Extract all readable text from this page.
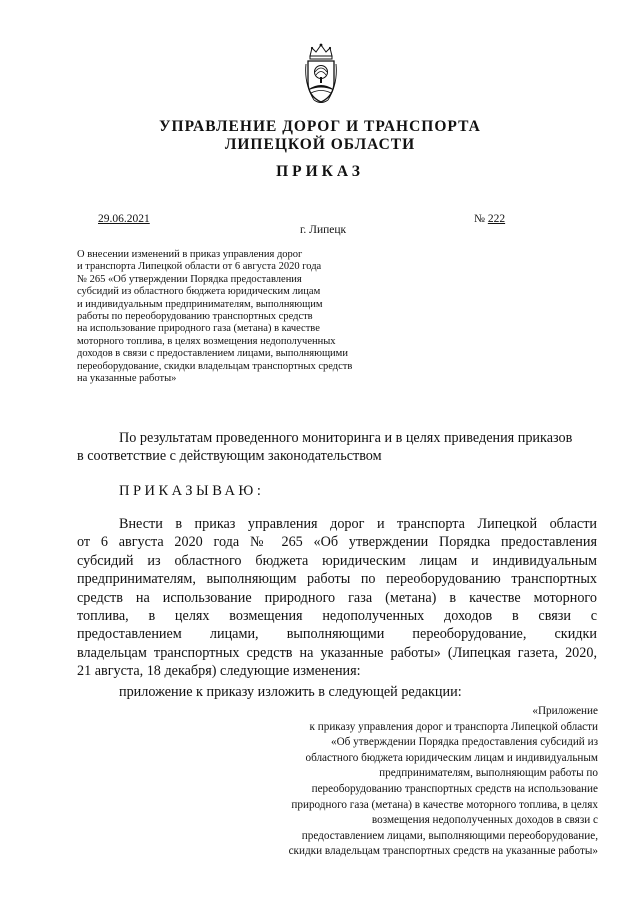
УПРАВЛЕНИЕ ДОРОГ И ТРАНСПОРТА
ЛИПЕЦКОЙ ОБЛАСТИ
ПРИКАЗ
29.06.2021
г. Липецк
№ 222
О внесении изменений в приказ управления дорог
и транспорта Липецкой области от 6 августа 2020 года
№ 265 «Об утверждении Порядка предоставления
субсидий из областного бюджета юридическим лицам
и индивидуальным предпринимателям, выполняющим
работы по переоборудованию транспортных средств
на использование природного газа (метана) в качестве
моторного топлива, в целях возмещения недополученных
доходов в связи с предоставлением лицами, выполняющими
переоборудование, скидки владельцам транспортных средств
на указанные работы»
По результатам проведенного мониторинга и в целях приведения приказов
в соответствие с действующим законодательством
ПРИКАЗЫВАЮ:
Внести в приказ управления дорог и транспорта Липецкой области
от 6 августа 2020 года № 265 «Об утверждении Порядка предоставления
субсидий из областного бюджета юридическим лицам и индивидуальным
предпринимателям, выполняющим работы по переоборудованию транспортных
средств на использование природного газа (метана) в качестве моторного
топлива, в целях возмещения недополученных доходов в связи с
предоставлением лицами, выполняющими переоборудование, скидки
владельцам транспортных средств на указанные работы» (Липецкая газета, 2020,
21 августа, 18 декабря) следующие изменения:
приложение к приказу изложить в следующей редакции:
«Приложение
к приказу управления дорог и транспорта Липецкой области
«Об утверждении Порядка предоставления субсидий из
областного бюджета юридическим лицам и индивидуальным
предпринимателям, выполняющим работы по
переоборудованию транспортных средств на использование
природного газа (метана) в качестве моторного топлива, в целях
возмещения недополученных доходов в связи с
предоставлением лицами, выполняющими переоборудование,
скидки владельцам транспортных средств на указанные работы»
